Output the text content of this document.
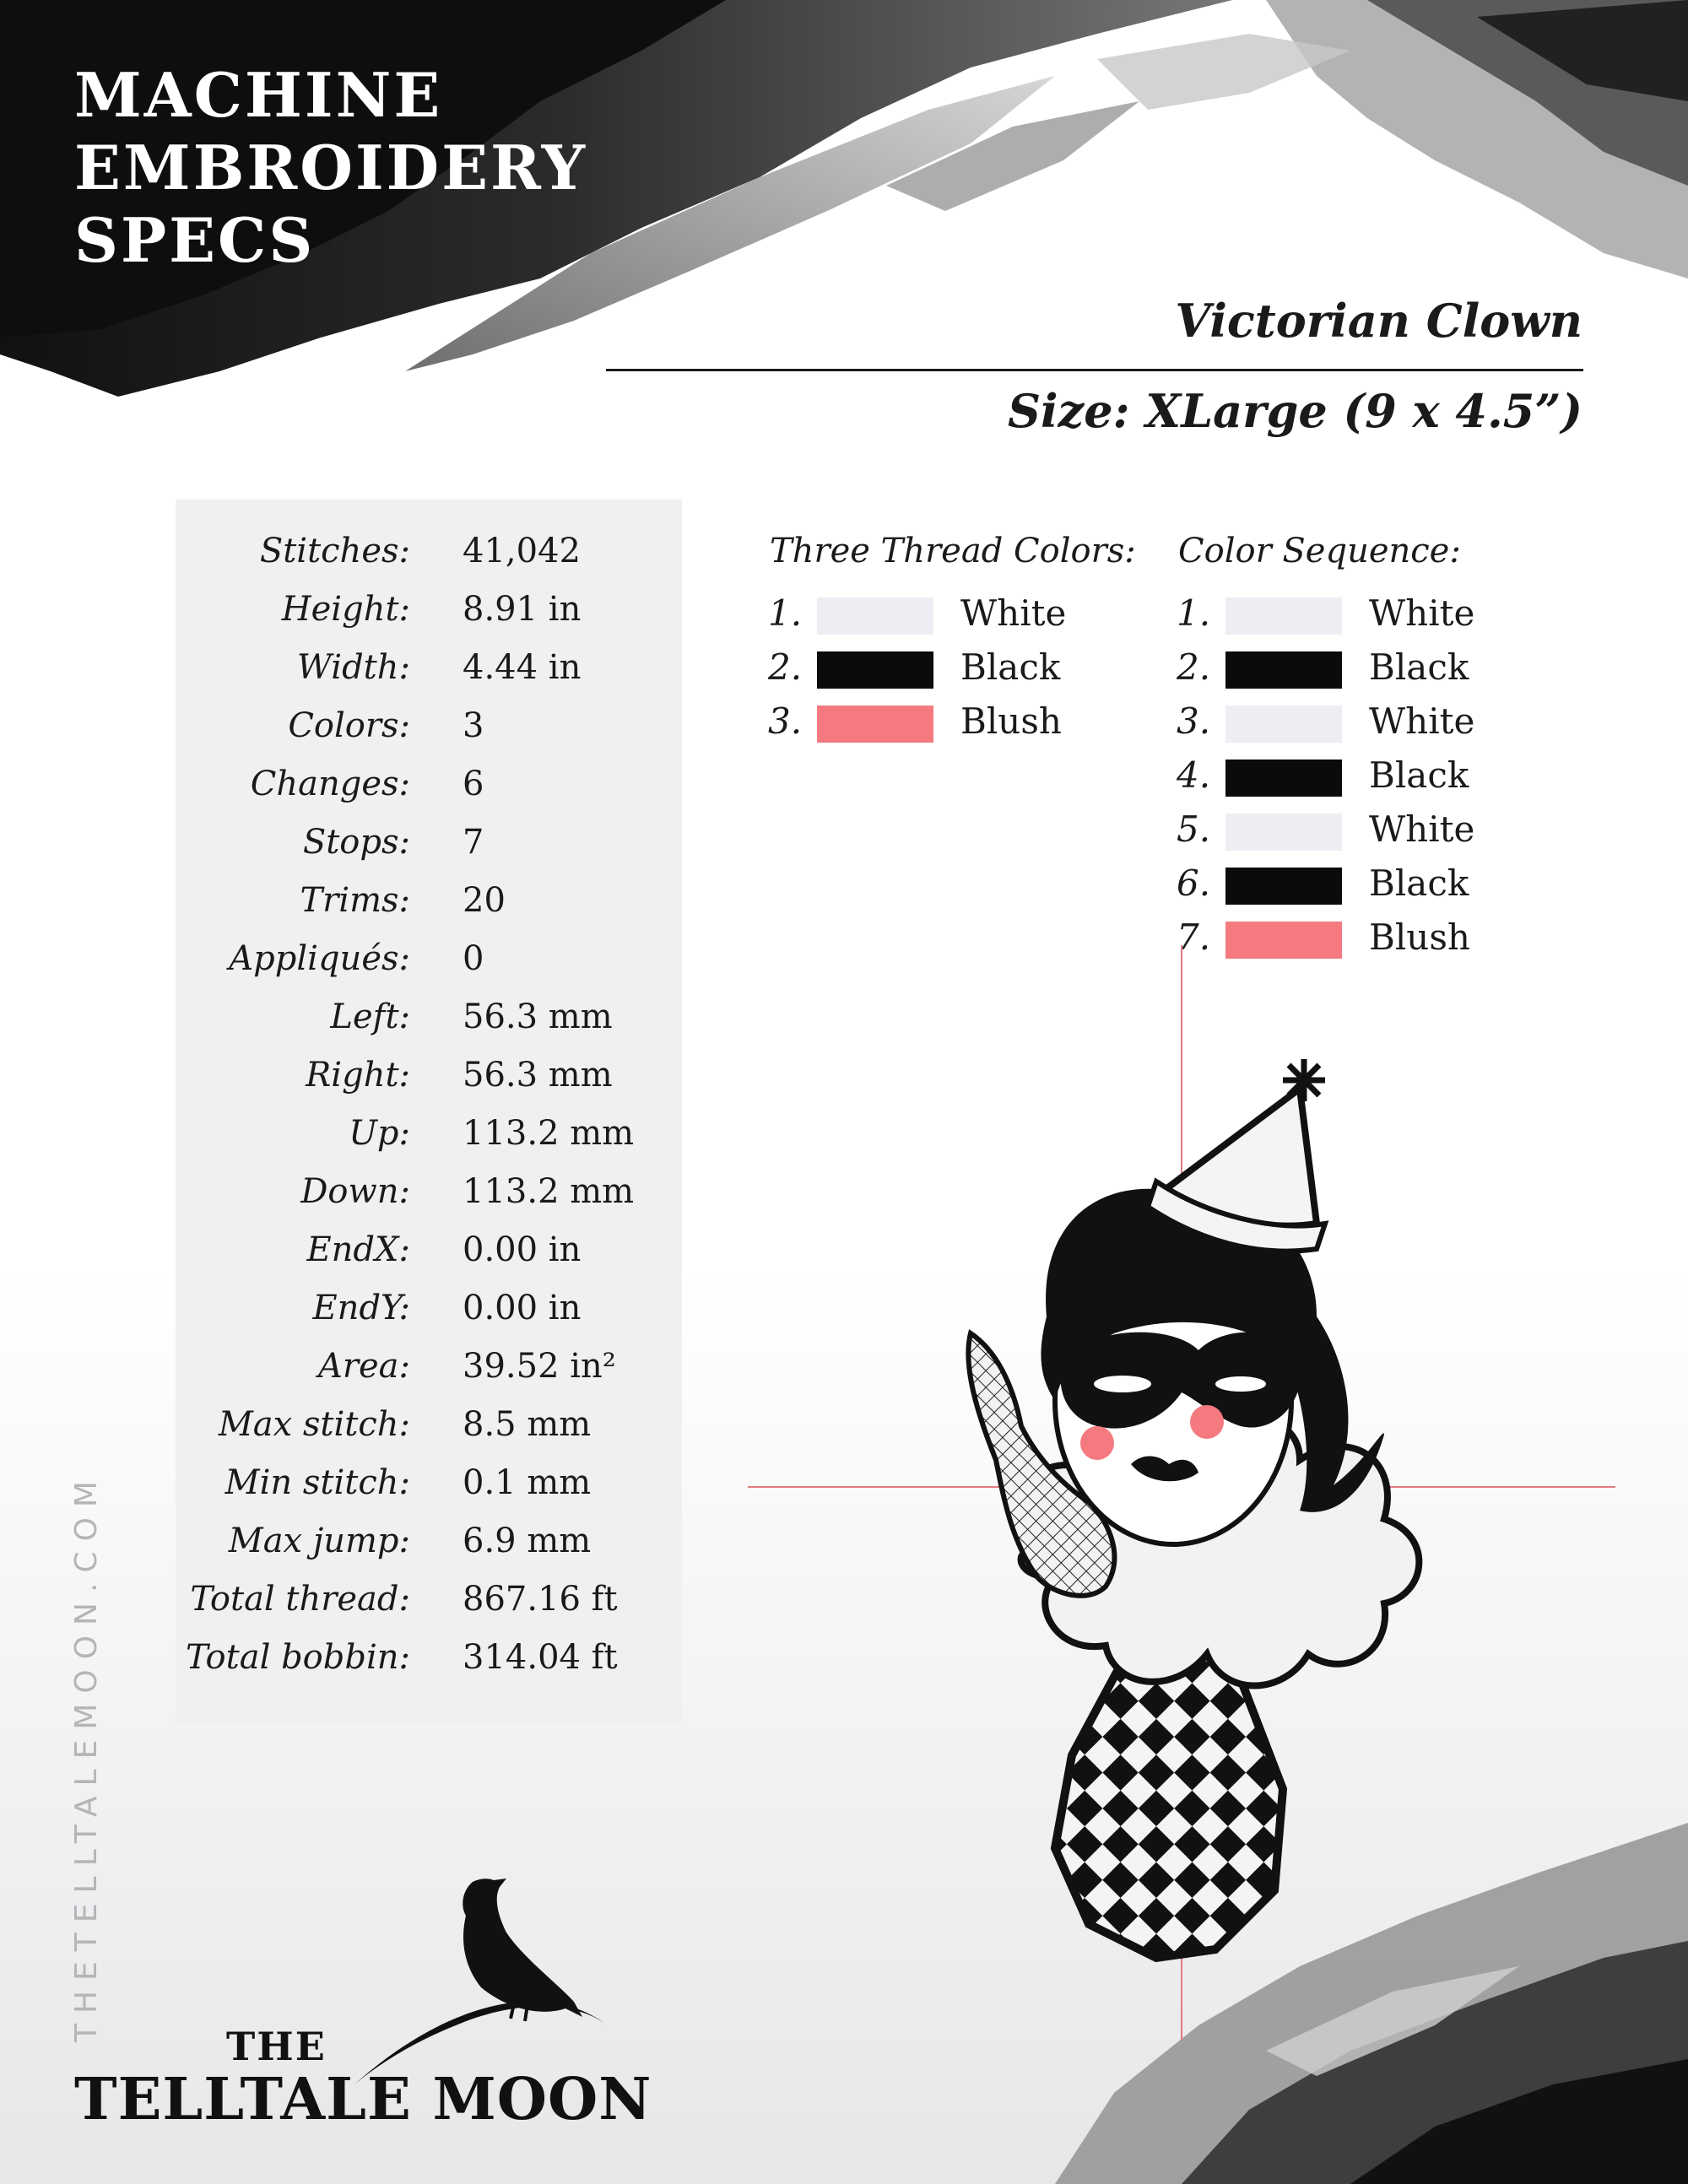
MACHINE
EMBROIDERY
SPECS
Victorian Clown
Size: XLarge (9 x 4.5”)
Stitches: 41,042
Height: 8.91 in
Width: 4.44 in
Colors: 3
Changes: 6
Stops: 7
Trims: 20
Appliqués: 0
Left: 56.3 mm
Right: 56.3 mm
Up: 113.2 mm
Down: 113.2 mm
EndX: 0.00 in
EndY: 0.00 in
Area: 39.52 in²
Max stitch: 8.5 mm
Min stitch: 0.1 mm
Max jump: 6.9 mm
Total thread: 867.16 ft
Total bobbin: 314.04 ft
Three Thread Colors:
1.	White
2.	Black
3.	Blush
Color Sequence:
1.	White
2.	Black
3.	White
4.	Black
5.	White
6.	Black
7.	Blush
THETELLTALEMOON.COM
THE
TELLTALE MOON
